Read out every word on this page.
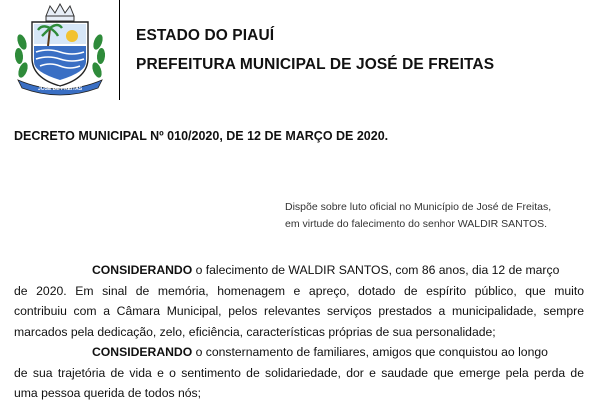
JOSÉ DE FREITAS
ESTADO DO PIAUÍ
PREFEITURA MUNICIPAL DE JOSÉ DE FREITAS
DECRETO MUNICIPAL Nº 010/2020, DE 12 DE MARÇO DE 2020.
Dispõe sobre luto oficial no Município de José de Freitas,
em virtude do falecimento do senhor WALDIR SANTOS.
CONSIDERANDO o falecimento de WALDIR SANTOS, com 86 anos, dia 12 de março
de 2020. Em sinal de memória, homenagem e apreço, dotado de espírito público, que muito
contribuiu com a Câmara Municipal, pelos relevantes serviços prestados a municipalidade, sempre
marcados pela dedicação, zelo, eficiência, características próprias de sua personalidade;
CONSIDERANDO o consternamento de familiares, amigos que conquistou ao longo
de sua trajetória de vida e o sentimento de solidariedade, dor e saudade que emerge pela perda de
uma pessoa querida de todos nós;
